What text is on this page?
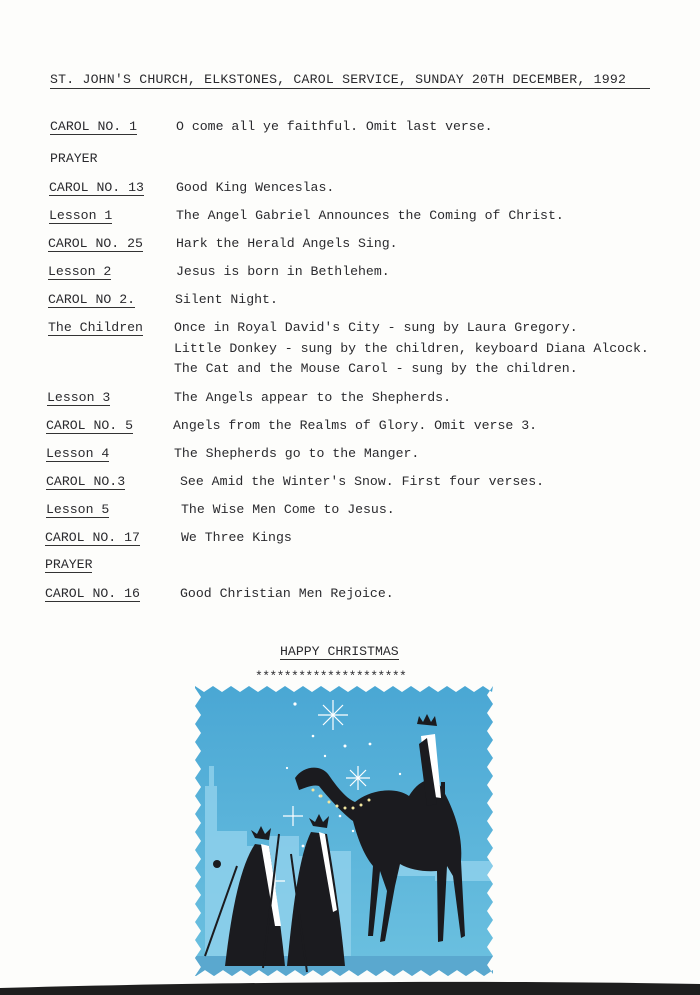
ST. JOHN'S CHURCH, ELKSTONES, CAROL SERVICE, SUNDAY 20TH DECEMBER, 1992
CAROL NO. 1	O come all ye faithful. Omit last verse.
PRAYER
CAROL NO. 13 Good King Wenceslas.
Lesson 1	The Angel Gabriel Announces the Coming of Christ.
CAROL NO. 25	Hark the Herald Angels Sing.
Lesson 2	Jesus is born in Bethlehem.
CAROL NO 2.	Silent Night.
The Children Once in Royal David's City - sung by Laura Gregory.
Little Donkey - sung by the children, keyboard Diana Alcock.
The Cat and the Mouse Carol - sung by the children.
Lesson 3	The Angels appear to the Shepherds.
CAROL NO. 5	Angels from the Realms of Glory. Omit verse 3.
Lesson 4	The Shepherds go to the Manger.
CAROL NO.3	See Amid the Winter's Snow. First four verses.
Lesson 5	The Wise Men Come to Jesus.
CAROL NO. 17	We Three Kings
PRAYER
CAROL NO. 16	Good Christian Men Rejoice.
HAPPY CHRISTMAS
*********************
